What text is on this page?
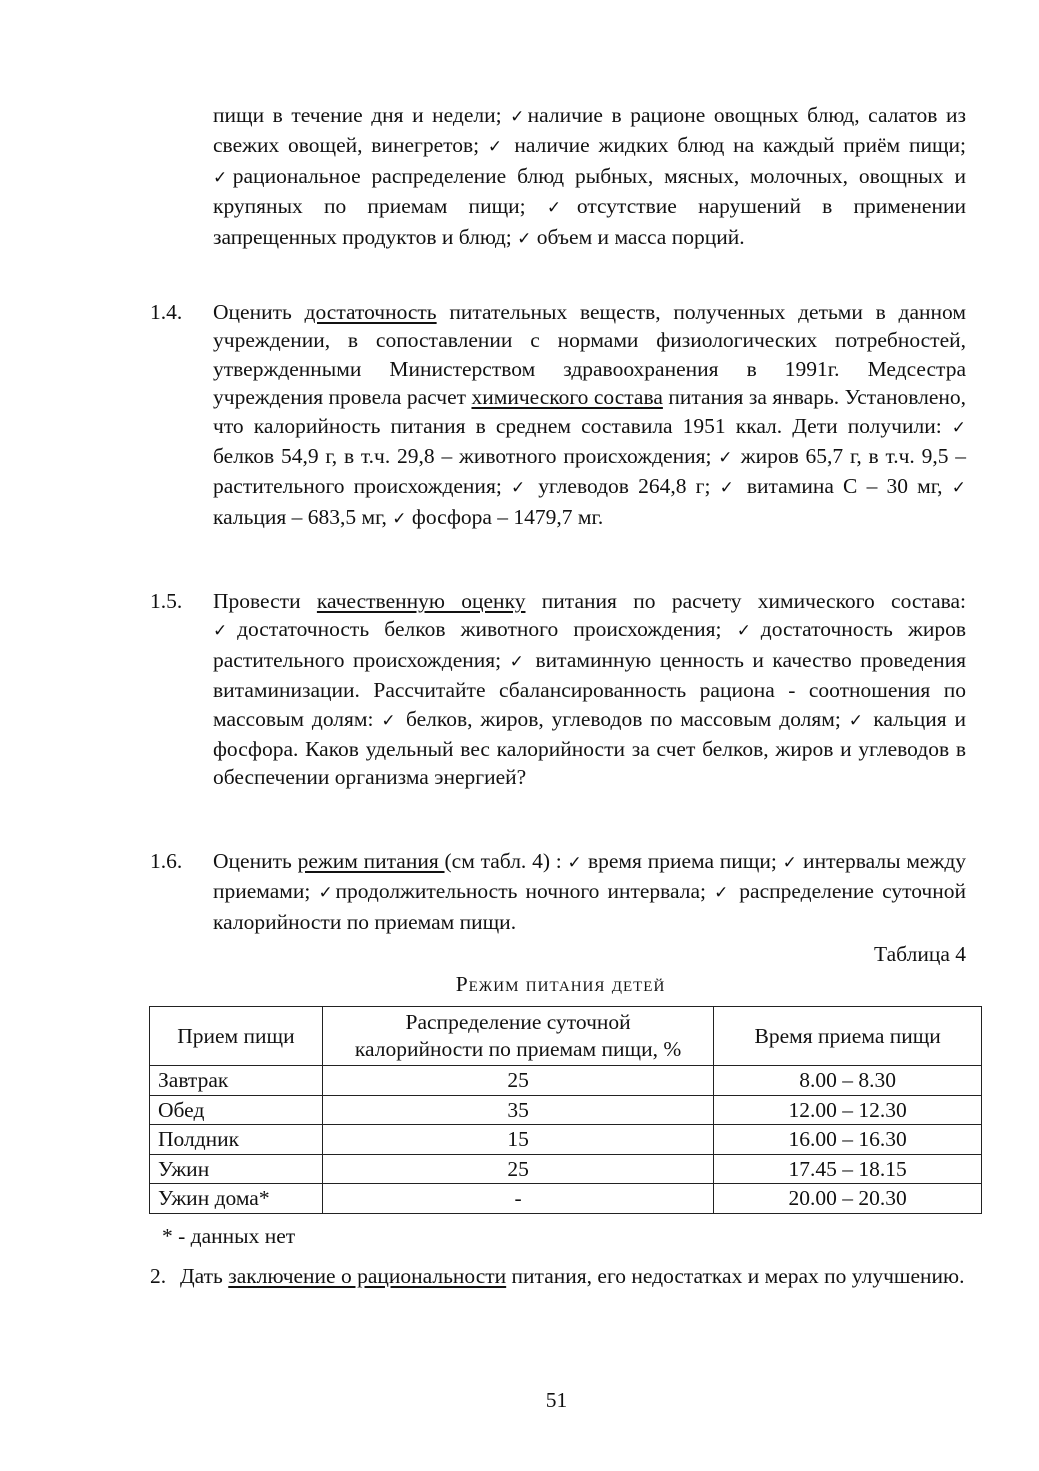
пищи в течение дня и недели; ✓наличие в рационе овощных блюд, салатов из свежих овощей, винегретов; ✓ наличие жидких блюд на каждый приём пищи; ✓рациональное распределение блюд рыбных, мясных, молочных, овощных и крупяных по приемам пищи; ✓отсутствие нарушений в применении запрещенных продуктов и блюд; ✓ объем и масса порций.
1.4. Оценить достаточность питательных веществ, полученных детьми в данном учреждении, в сопоставлении с нормами физиологических потребностей, утвержденными Министерством здравоохранения в 1991г. Медсестра учреждения провела расчет химического состава питания за январь. Установлено, что калорийность питания в среднем составила 1951 ккал. Дети получили: ✓ белков 54,9 г, в т.ч. 29,8 – животного происхождения; ✓ жиров 65,7 г, в т.ч. 9,5 – растительного происхождения; ✓ углеводов 264,8 г; ✓ витамина С – 30 мг, ✓ кальция – 683,5 мг, ✓ фосфора – 1479,7 мг.
1.5. Провести качественную оценку питания по расчету химического состава: ✓достаточность белков животного происхождения; ✓достаточность жиров растительного происхождения; ✓ витаминную ценность и качество проведения витаминизации. Рассчитайте сбалансированность рациона - соотношения по массовым долям: ✓ белков, жиров, углеводов по массовым долям; ✓ кальция и фосфора. Каков удельный вес калорийности за счет белков, жиров и углеводов в обеспечении организма энергией?
1.6. Оценить режим питания (см табл. 4) : ✓ время приема пищи; ✓ интервалы между приемами; ✓продолжительность ночного интервала; ✓ распределение суточной калорийности по приемам пищи.
Таблица 4
Режим питания детей
Прием пищи	Распределение суточной калорийности по приемам пищи, %	Время приема пищи
Завтрак	25	8.00 – 8.30
Обед	35	12.00 – 12.30
Полдник	15	16.00 – 16.30
Ужин	25	17.45 – 18.15
Ужин дома*	-	20.00 – 20.30
* - данных нет
2. Дать заключение о рациональности питания, его недостатках и мерах по улучшению.
51
